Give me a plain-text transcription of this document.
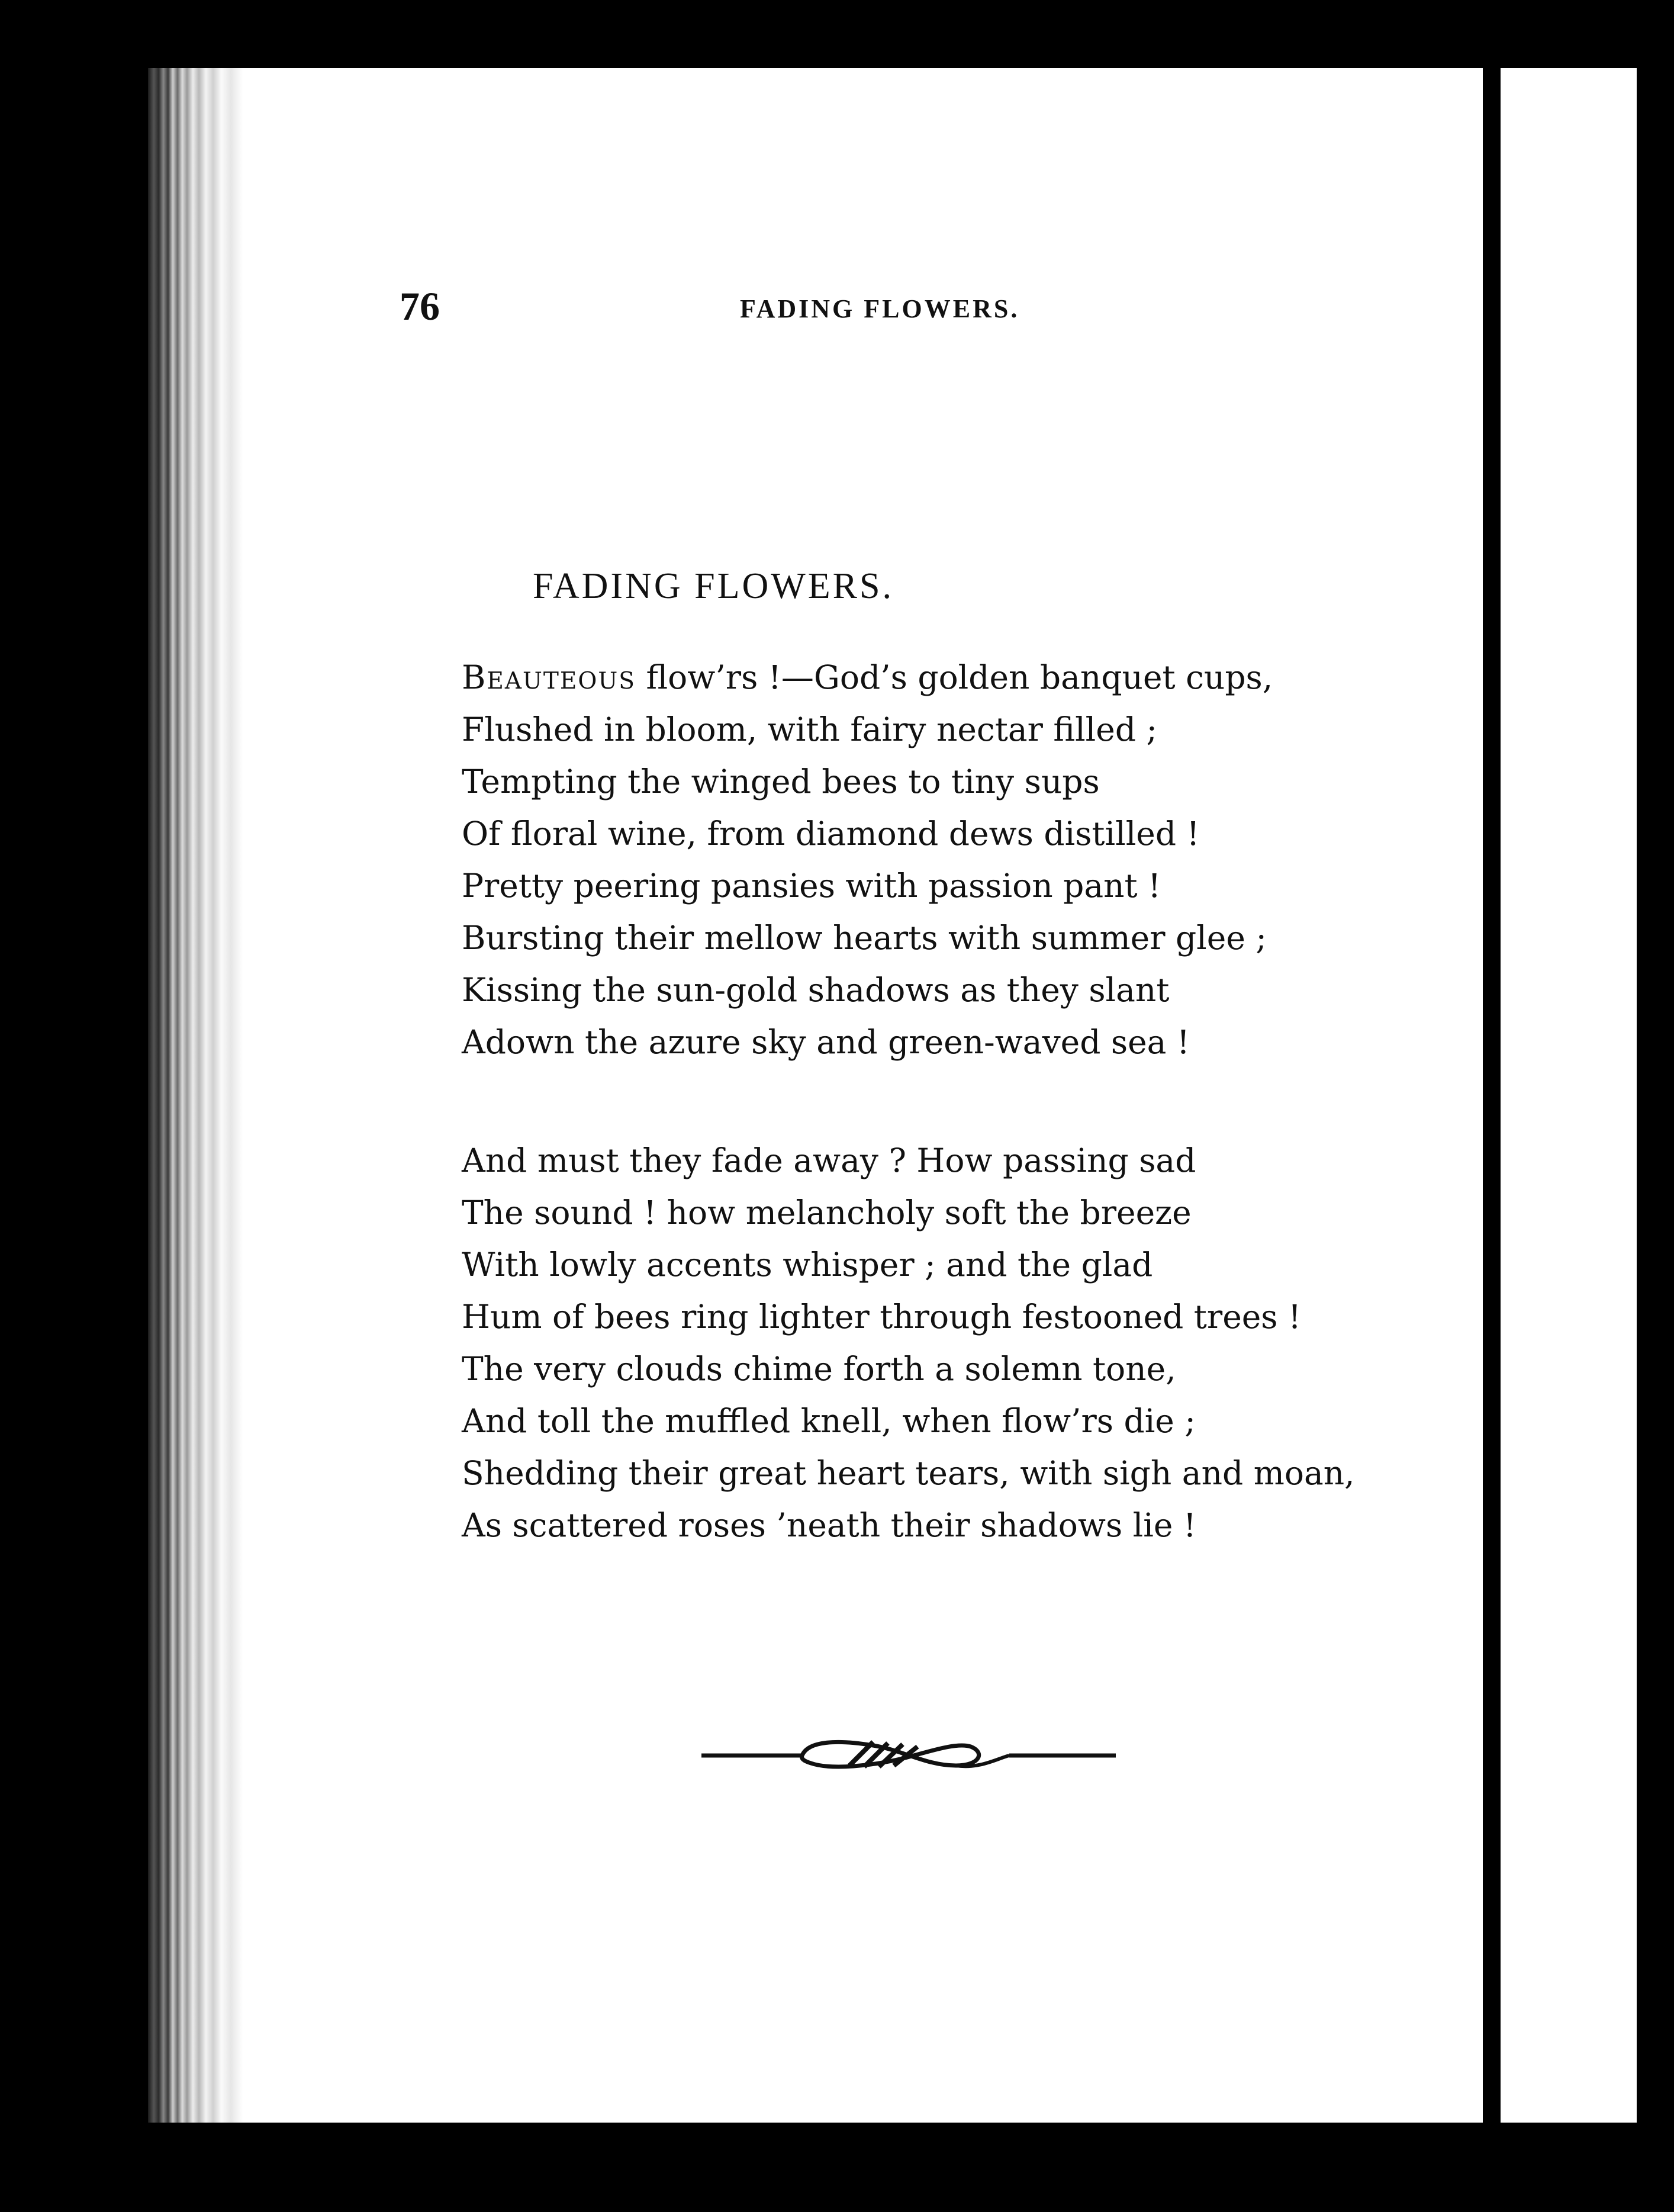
76	FADING FLOWERS.
FADING FLOWERS.
Beauteous flow’rs !—God’s golden banquet cups,
Flushed in bloom, with fairy nectar filled ;
Tempting the winged bees to tiny sups
Of floral wine, from diamond dews distilled !
Pretty peering pansies with passion pant !
Bursting their mellow hearts with summer glee ;
Kissing the sun-gold shadows as they slant
Adown the azure sky and green-waved sea !
And must they fade away ? How passing sad
The sound ! how melancholy soft the breeze
With lowly accents whisper ; and the glad
Hum of bees ring lighter through festooned trees !
The very clouds chime forth a solemn tone,
And toll the muffled knell, when flow’rs die ;
Shedding their great heart tears, with sigh and moan,
As scattered roses ’neath their shadows lie !
